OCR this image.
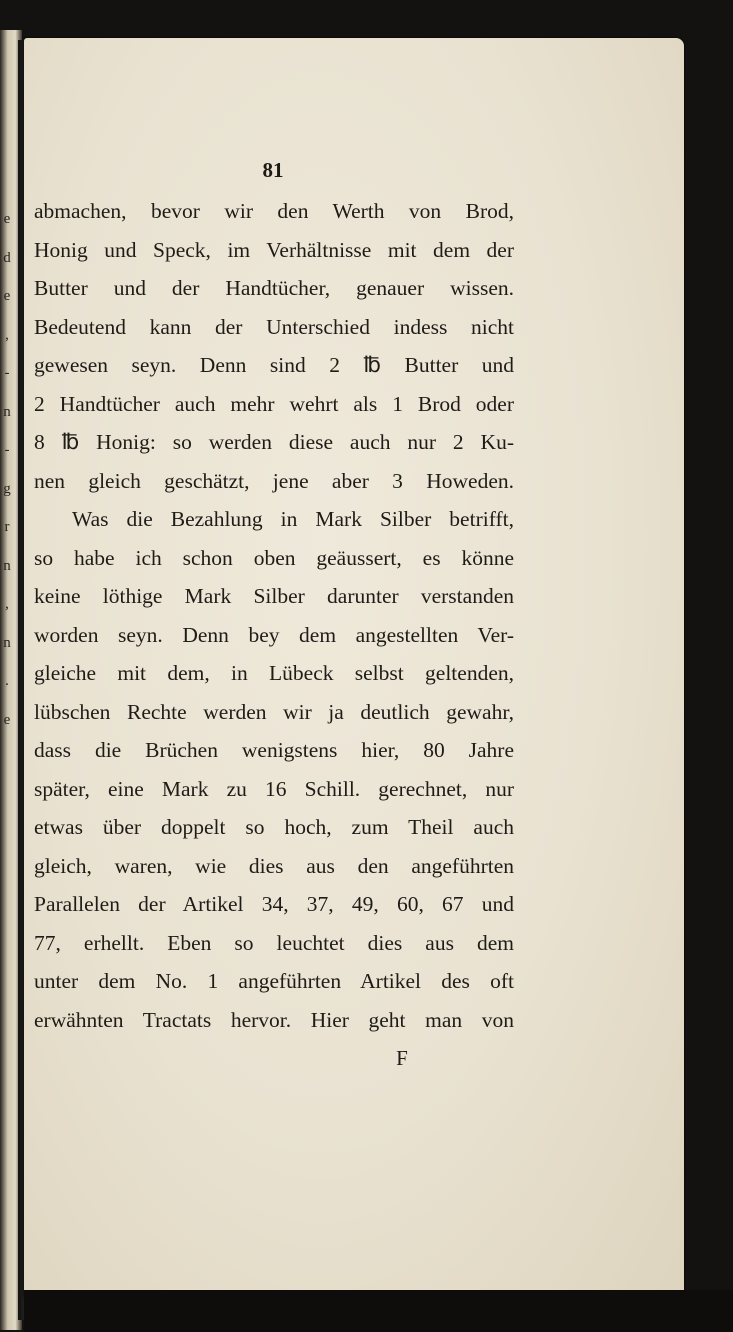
e
d
e
,
-
n
-
g
r
n
,
n
.
e
81
abmachen, bevor wir den Werth von Brod,
Honig und Speck, im Verhältnisse mit dem der
Butter und der Handtücher, genauer wissen.
Bedeutend kann der Unterschied indess nicht
gewesen seyn. Denn sind 2 ℔ Butter und
2 Handtücher auch mehr wehrt als 1 Brod oder
8 ℔ Honig: so werden diese auch nur 2 Ku-
nen gleich geschätzt, jene aber 3 Howeden.
Was die Bezahlung in Mark Silber betrifft,
so habe ich schon oben geäussert, es könne
keine löthige Mark Silber darunter verstanden
worden seyn. Denn bey dem angestellten Ver-
gleiche mit dem, in Lübeck selbst geltenden,
lübschen Rechte werden wir ja deutlich gewahr,
dass die Brüchen wenigstens hier, 80 Jahre
später, eine Mark zu 16 Schill. gerechnet, nur
etwas über doppelt so hoch, zum Theil auch
gleich, waren, wie dies aus den angeführten
Parallelen der Artikel 34, 37, 49, 60, 67 und
77, erhellt. Eben so leuchtet dies aus dem
unter dem No. 1 angeführten Artikel des oft
erwähnten Tractats hervor. Hier geht man von
F
